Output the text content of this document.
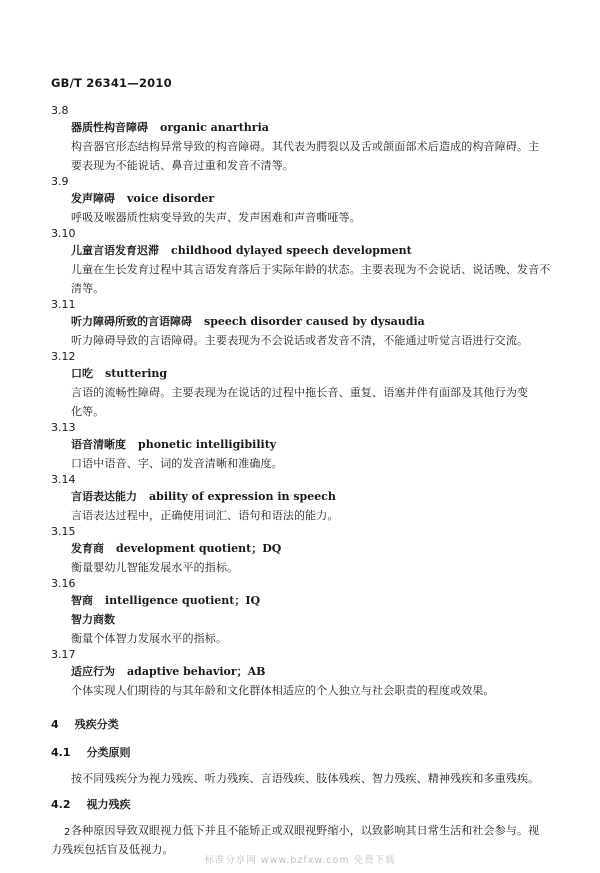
GB/T 26341—2010
3.8
器质性构音障碍 organic anarthria
构音器官形态结构异常导致的构音障碍。其代表为腭裂以及舌或颌面部术后造成的构音障碍。主
要表现为不能说话、鼻音过重和发音不清等。
3.9
发声障碍 voice disorder
呼吸及喉器质性病变导致的失声、发声困难和声音嘶哑等。
3.10
儿童言语发育迟滞 childhood dylayed speech development
儿童在生长发育过程中其言语发育落后于实际年龄的状态。主要表现为不会说话、说话晚、发音不
清等。
3.11
听力障碍所致的言语障碍 speech disorder caused by dysaudia
听力障碍导致的言语障碍。主要表现为不会说话或者发音不清，不能通过听觉言语进行交流。
3.12
口吃 stuttering
言语的流畅性障碍。主要表现为在说话的过程中拖长音、重复、语塞并伴有面部及其他行为变
化等。
3.13
语音清晰度 phonetic intelligibility
口语中语音、字、词的发音清晰和准确度。
3.14
言语表达能力 ability of expression in speech
言语表达过程中，正确使用词汇、语句和语法的能力。
3.15
发育商 development quotient；DQ
衡量婴幼儿智能发展水平的指标。
3.16
智商 intelligence quotient；IQ
智力商数
衡量个体智力发展水平的指标。
3.17
适应行为 adaptive behavior；AB
个体实现人们期待的与其年龄和文化群体相适应的个人独立与社会职责的程度或效果。
4 残疾分类
4.1 分类原则
按不同残疾分为视力残疾、听力残疾、言语残疾、肢体残疾、智力残疾、精神残疾和多重残疾。
4.2 视力残疾
各种原因导致双眼视力低下并且不能矫正或双眼视野缩小，以致影响其日常生活和社会参与。视
力残疾包括盲及低视力。
2
标准分享网 www.bzfxw.com 免费下载
